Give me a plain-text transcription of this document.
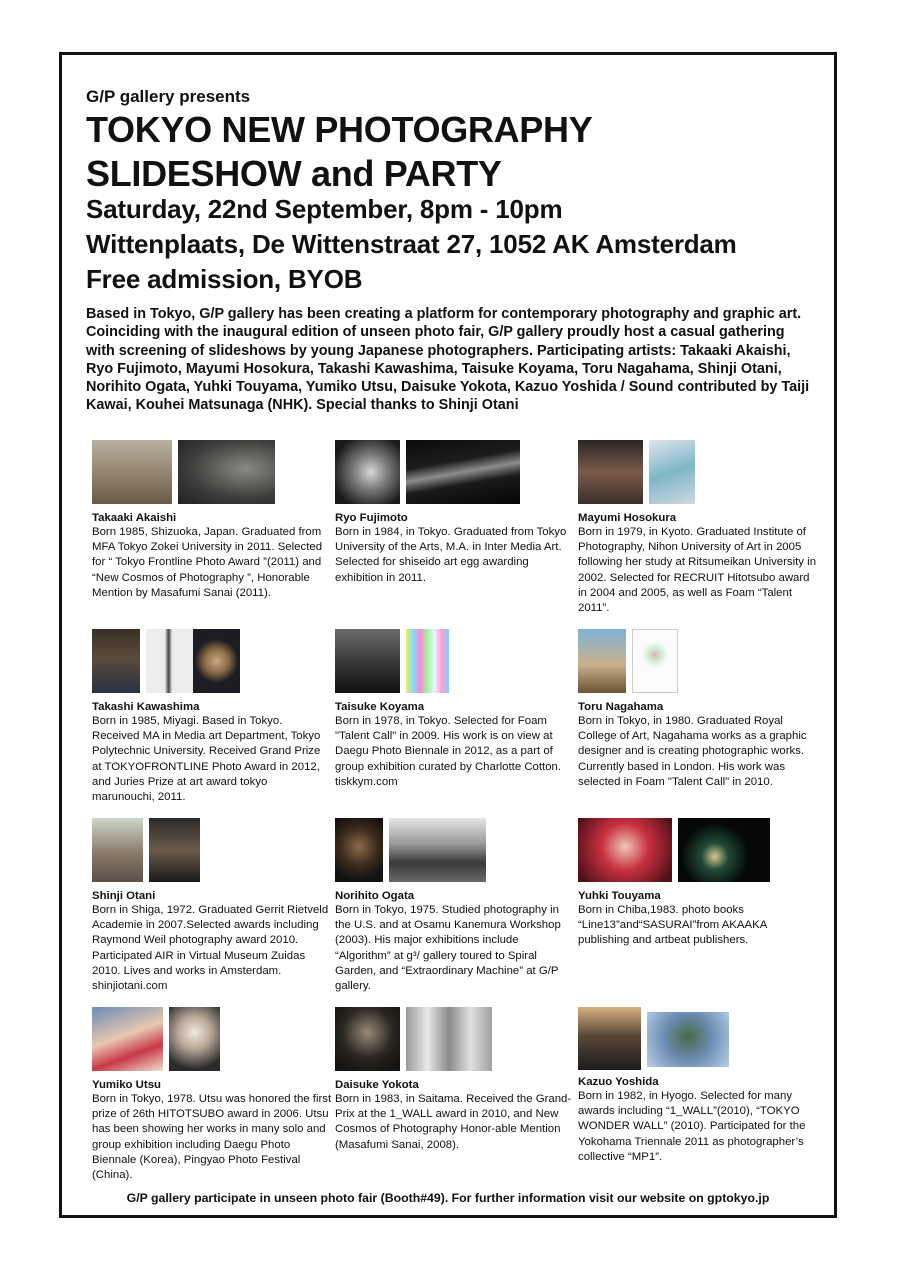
G/P gallery presents
TOKYO NEW PHOTOGRAPHY
SLIDESHOW and PARTY
Saturday, 22nd September, 8pm - 10pm
Wittenplaats, De Wittenstraat 27, 1052 AK Amsterdam
Free admission, BYOB

Based in Tokyo, G/P gallery has been creating a platform for contemporary photography and graphic art. Coinciding with the inaugural edition of unseen photo fair, G/P gallery proudly host a casual gathering with screening of slideshows by young Japanese photographers. Participating artists: Takaaki Akaishi, Ryo Fujimoto, Mayumi Hosokura, Takashi Kawashima, Taisuke Koyama, Toru Nagahama, Shinji Otani, Norihito Ogata, Yuhki Touyama, Yumiko Utsu, Daisuke Yokota, Kazuo Yoshida / Sound contributed by Taiji Kawai, Kouhei Matsunaga (NHK). Special thanks to Shinji Otani

Takaaki Akaishi
Born 1985, Shizuoka, Japan. Graduated from MFA Tokyo Zokei University in 2011. Selected for “ Tokyo Frontline Photo Award ”(2011) and “New Cosmos of Photography ”, Honorable Mention by Masafumi Sanai (2011).
Ryo Fujimoto
Born in 1984, in Tokyo. Graduated from Tokyo University of the Arts, M.A. in Inter Media Art. Selected for shiseido art egg awarding exhibition in 2011.
Mayumi Hosokura
Born in 1979, in Kyoto. Graduated Institute of Photography, Nihon University of Art in 2005 following her study at Ritsumeikan University in 2002. Selected for RECRUIT Hitotsubo award in 2004 and 2005, as well as Foam “Talent 2011”.
Takashi Kawashima
Born in 1985, Miyagi. Based in Tokyo. Received MA in Media art Department, Tokyo Polytechnic University. Received Grand Prize at TOKYOFRONTLINE Photo Award in 2012, and Juries Prize at art award tokyo marunouchi, 2011.
Taisuke Koyama
Born in 1978, in Tokyo. Selected for Foam "Talent Call" in 2009. His work is on view at Daegu Photo Biennale in 2012, as a part of group exhibition curated by Charlotte Cotton. tiskkym.com
Toru Nagahama
Born in Tokyo, in 1980. Graduated Royal College of Art, Nagahama works as a graphic designer and is creating photographic works. Currently based in London. His work was selected in Foam "Talent Call" in 2010.
Shinji Otani
Born in Shiga, 1972. Graduated Gerrit Rietveld Academie in 2007.Selected awards including Raymond Weil photography award 2010. Participated AIR in Virtual Museum Zuidas 2010. Lives and works in Amsterdam. shinjiotani.com
Norihito Ogata
Born in Tokyo, 1975. Studied photography in the U.S. and at Osamu Kanemura Workshop (2003). His major exhibitions include “Algorithm” at g³/ gallery toured to Spiral Garden, and “Extraordinary Machine” at G/P gallery.
Yuhki Touyama
Born in Chiba,1983. photo books “Line13”and“SASURAI”from AKAAKA publishing and artbeat publishers.
Yumiko Utsu
Born in Tokyo, 1978. Utsu was honored the first prize of 26th HITOTSUBO award in 2006. Utsu has been showing her works in many solo and group exhibition including Daegu Photo Biennale (Korea), Pingyao Photo Festival (China).
Daisuke Yokota
Born in 1983, in Saitama. Received the Grand-Prix at the 1_WALL award in 2010, and New Cosmos of Photography Honor-able Mention (Masafumi Sanai, 2008).
Kazuo Yoshida
Born in 1982, in Hyogo. Selected for many awards including “1_WALL”(2010), “TOKYO WONDER WALL” (2010). Participated for the Yokohama Triennale 2011 as photographer’s collective “MP1”.
G/P gallery participate in unseen photo fair (Booth#49). For further information visit our website on gptokyo.jp
